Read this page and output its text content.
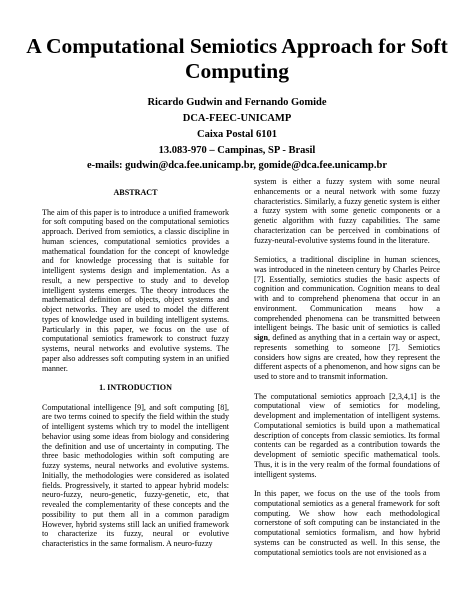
A Computational Semiotics Approach for Soft Computing
Ricardo Gudwin and Fernando Gomide
DCA-FEEC-UNICAMP
Caixa Postal 6101
13.083-970 – Campinas, SP - Brasil
e-mails: gudwin@dca.fee.unicamp.br, gomide@dca.fee.unicamp.br

ABSTRACT

The aim of this paper is to introduce a unified framework for soft computing based on the computational semiotics approach. Derived from semiotics, a classic discipline in human sciences, computational semiotics provides a mathematical foundation for the concept of knowledge and for knowledge processing that is suitable for intelligent systems design and implementation. As a result, a new perspective to study and to develop intelligent systems emerges. The theory introduces the mathematical definition of objects, object systems and object networks. They are used to model the different types of knowledge used in building intelligent systems. Particularly in this paper, we focus on the use of computational semiotics framework to construct fuzzy systems, neural networks and evolutive systems. The paper also addresses soft computing system in an unified manner.

1. INTRODUCTION

Computational intelligence [9], and soft computing [8], are two terms coined to specify the field within the study of intelligent systems which try to model the intelligent behavior using some ideas from biology and considering the definition and use of uncertainty in computing. The three basic methodologies within soft computing are fuzzy systems, neural networks and evolutive systems. Initially, the methodologies were considered as isolated fields. Progressively, it started to appear hybrid models: neuro-fuzzy, neuro-genetic, fuzzy-genetic, etc, that revealed the complementarity of these concepts and the possibility to put them all in a common paradigm However, hybrid systems still lack an unified framework to characterize its fuzzy, neural or evolutive characteristics in the same formalism. A neuro-fuzzy

system is either a fuzzy system with some neural enhancements or a neural network with some fuzzy characteristics. Similarly, a fuzzy genetic system is either a fuzzy system with some genetic components or a genetic algorithm with fuzzy capabilities. The same characterization can be perceived in combinations of fuzzy-neural-evolutive systems found in the literature.

Semiotics, a traditional discipline in human sciences, was introduced in the nineteen century by Charles Peirce [7]. Essentially, semiotics studies the basic aspects of cognition and communication. Cognition means to deal with and to comprehend phenomena that occur in an environment. Communication means how a comprehended phenomena can be transmitted between intelligent beings. The basic unit of semiotics is called sign, defined as anything that in a certain way or aspect, represents something to someone [7]. Semiotics considers how signs are created, how they represent the different aspects of a phenomenon, and how signs can be used to store and to transmit information.

The computational semiotics approach [2,3,4,1] is the computational view of semiotics for modeling, development and implementation of intelligent systems. Computational semiotics is build upon a mathematical description of concepts from classic semiotics. Its formal contents can be regarded as a contribution towards the development of semiotic specific mathematical tools. Thus, it is in the very realm of the formal foundations of intelligent systems.

In this paper, we focus on the use of the tools from computational semiotics as a general framework for soft computing. We show how each methodological cornerstone of soft computing can be instanciated in the computational semiotics formalism, and how hybrid systems can be constructed as well. In this sense, the computational semiotics tools are not envisioned as a
